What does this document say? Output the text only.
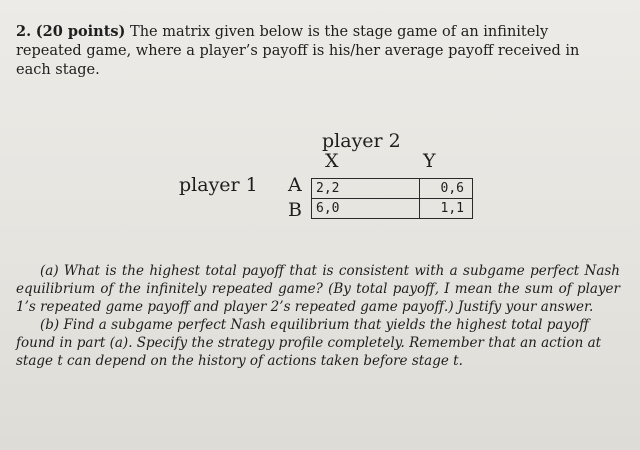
2. (20 points) The matrix given below is the stage game of an infinitely repeated game, where a player’s payoff is his/her average payoff received in each stage.
player 2
X	Y
player 1 A
B
2,2	0,6
6,0	1,1

(a) What is the highest total payoff that is consistent with a subgame perfect Nash equilibrium of the infinitely repeated game? (By total payoff, I mean the sum of player 1’s repeated game payoff and player 2’s repeated game payoff.) Justify your answer.

(b) Find a subgame perfect Nash equilibrium that yields the highest total payoff found in part (a). Specify the strategy profile completely. Remember that an action at stage t can depend on the history of actions taken before stage t.
